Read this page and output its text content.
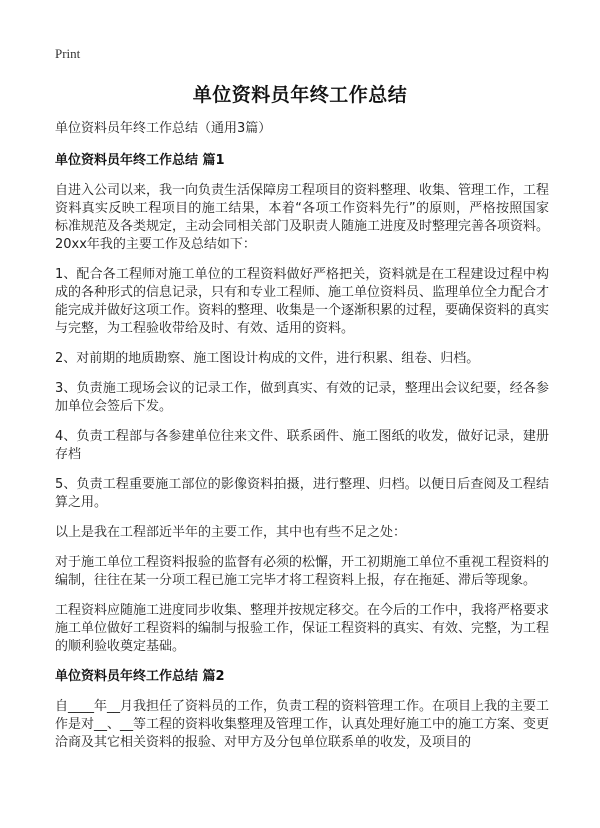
Print
单位资料员年终工作总结

单位资料员年终工作总结（通用3篇）

单位资料员年终工作总结 篇1

自进入公司以来，我一向负责生活保障房工程项目的资料整理、收集、管理工作，工程资料真实反映工程项目的施工结果，本着“各项工作资料先行”的原则，严格按照国家标准规范及各类规定，主动会同相关部门及职责人随施工进度及时整理完善各项资料。20xx年我的主要工作及总结如下：

1、配合各工程师对施工单位的工程资料做好严格把关，资料就是在工程建设过程中构成的各种形式的信息记录，只有和专业工程师、施工单位资料员、监理单位全力配合才能完成并做好这项工作。资料的整理、收集是一个逐渐积累的过程，要确保资料的真实与完整，为工程验收带给及时、有效、适用的资料。

2、对前期的地质勘察、施工图设计构成的文件，进行积累、组卷、归档。

3、负责施工现场会议的记录工作，做到真实、有效的记录，整理出会议纪要，经各参加单位会签后下发。

4、负责工程部与各参建单位往来文件、联系函件、施工图纸的收发，做好记录，建册存档

5、负责工程重要施工部位的影像资料拍摄，进行整理、归档。以便日后查阅及工程结算之用。

以上是我在工程部近半年的主要工作，其中也有些不足之处：

对于施工单位工程资料报验的监督有必须的松懈，开工初期施工单位不重视工程资料的编制，往往在某一分项工程已施工完毕才将工程资料上报，存在拖延、滞后等现象。

工程资料应随施工进度同步收集、整理并按规定移交。在今后的工作中，我将严格要求施工单位做好工程资料的编制与报验工作，保证工程资料的真实、有效、完整，为工程的顺利验收奠定基础。

单位资料员年终工作总结 篇2

自____年__月我担任了资料员的工作，负责工程的资料管理工作。在项目上我的主要工作是对__、__等工程的资料收集整理及管理工作，认真处理好施工中的施工方案、变更洽商及其它相关资料的报验、对甲方及分包单位联系单的收发，及项目的
